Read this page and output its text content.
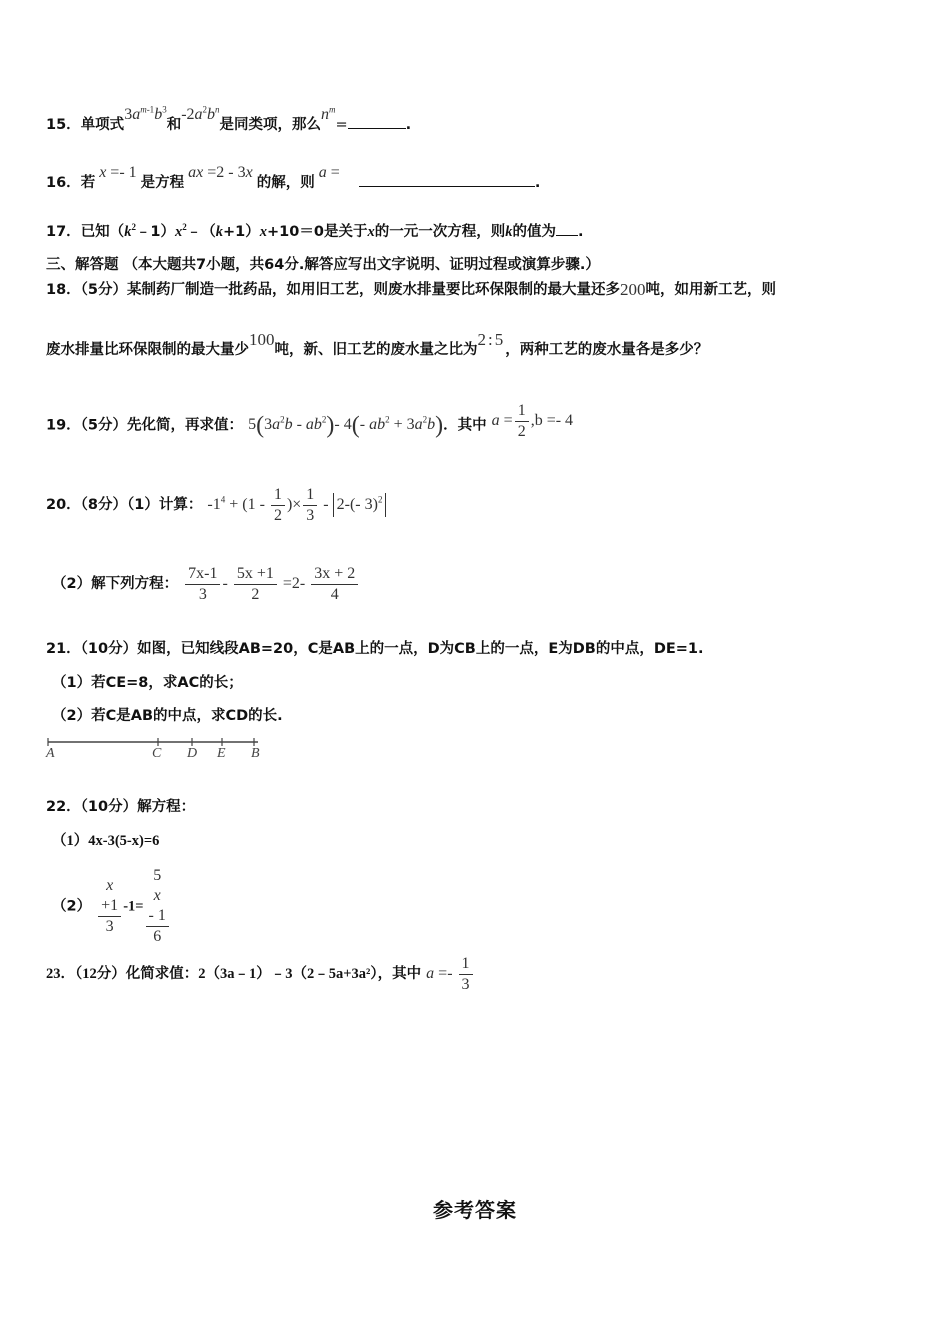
15．单项式$3a^{m-1}b^3$和$-2a^2b^n$是同类项，那么$n^m=$	.
16．若 x =- 1 是方程 ax =2 - 3x 的解，则 a =    .
17．已知$(k^2﹣1)x^2﹣(k+1)x+10=0$是关于x的一元一次方程，则k的值为 .
三、解答题 （本大题共7小题，共64分.解答应写出文字说明、证明过程或演算步骤.）
18．（5分）某制药厂制造一批药品，如用旧工艺，则废水排量要比环保限制的最大量还多200吨，如用新工艺，则
废水排量比环保限制的最大量少100吨，新、旧工艺的废水量之比为2:5，两种工艺的废水量各是多少？
19．（5分）先化简，再求值： $5(3a^2b - ab^2)-$ 4(- $ab^2 + 3a^2b$)．其中 $a = \frac{1}{2} ,b =- 4$
20．（8分）（1）计算： $-1^4 + (1 - \frac{1}{2}$ )× $\frac{1}{3} - 2-(-$ 3)$^2$
（2）解下列方程： $\frac{7x-1}{3} - \frac{5x +1}{2} =2- \frac{3x + 2}{4}$
21．（10分）如图，已知线段AB=20，C是AB上的一点，D为CB上的一点，E为DB的中点，DE=1.
（1）若CE=8，求AC的长；
（2）若C是AB的中点，求CD的长.
A	C D E B
22．（10分）解方程：
（1）4x-3(5-x)=6
（2） x
+1
3 -1= 5
x
- 1
6
23．（12分）化简求值：2（3a﹣1）﹣3（2﹣5a+3a²），其中 $a =- \frac{1}{3}$
参考答案
